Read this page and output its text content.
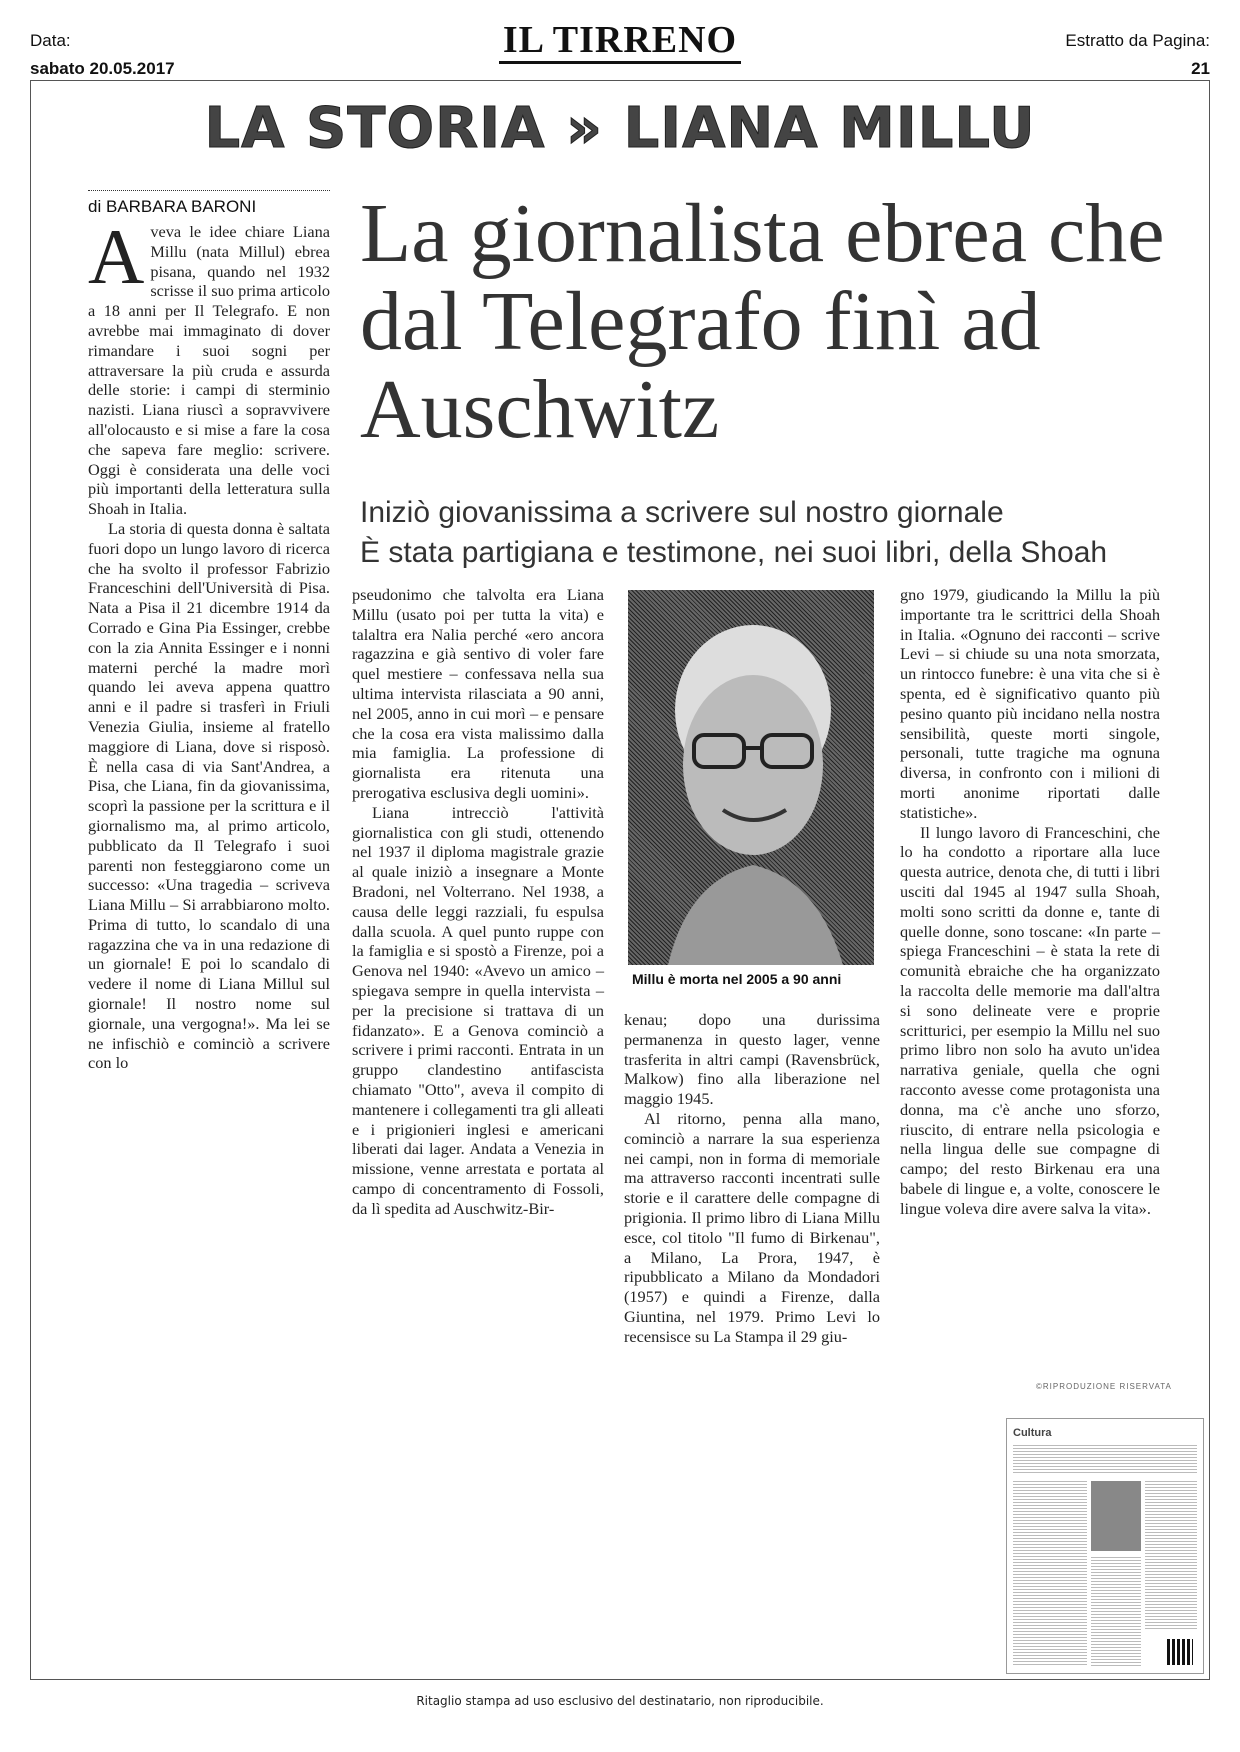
Data:
sabato 20.05.2017
IL TIRRENO	Estratto da Pagina:
21
LA STORIA » LIANA MILLU
di BARBARA BARONI	La giornalista ebrea che dal Telegrafo finì ad Auschwitz
Iniziò giovanissima a scrivere sul nostro giornale
È stata partigiana e testimone, nei suoi libri, della Shoah

Aveva le idee chiare Liana Millu (nata Millul) ebrea pisana, quando nel 1932 scrisse il suo prima articolo a 18 anni per Il Telegrafo. E non avrebbe mai immaginato di dover rimandare i suoi sogni per attraversare la più cruda e assurda delle storie: i campi di sterminio nazisti. Liana riuscì a sopravvivere all'olocausto e si mise a fare la cosa che sapeva fare meglio: scrivere. Oggi è considerata una delle voci più importanti della letteratura sulla Shoah in Italia.

La storia di questa donna è saltata fuori dopo un lungo lavoro di ricerca che ha svolto il professor Fabrizio Franceschini dell'Università di Pisa. Nata a Pisa il 21 dicembre 1914 da Corrado e Gina Pia Essinger, crebbe con la zia Annita Essinger e i nonni materni perché la madre morì quando lei aveva appena quattro anni e il padre si trasferì in Friuli Venezia Giulia, insieme al fratello maggiore di Liana, dove si risposò. È nella casa di via Sant'Andrea, a Pisa, che Liana, fin da giovanissima, scoprì la passione per la scrittura e il giornalismo ma, al primo articolo, pubblicato da Il Telegrafo i suoi parenti non festeggiarono come un successo: «Una tragedia – scriveva Liana Millu – Si arrabbiarono molto. Prima di tutto, lo scandalo di una ragazzina che va in una redazione di un giornale! E poi lo scandalo di vedere il nome di Liana Millul sul giornale! Il nostro nome sul giornale, una vergogna!». Ma lei se ne infischiò e cominciò a scrivere con lo

pseudonimo che talvolta era Liana Millu (usato poi per tutta la vita) e talaltra era Nalia perché «ero ancora ragazzina e già sentivo di voler fare quel mestiere – confessava nella sua ultima intervista rilasciata a 90 anni, nel 2005, anno in cui morì – e pensare che la cosa era vista malissimo dalla mia famiglia. La professione di giornalista era ritenuta una prerogativa esclusiva degli uomini».

Liana intrecciò l'attività giornalistica con gli studi, ottenendo nel 1937 il diploma magistrale grazie al quale iniziò a insegnare a Monte Bradoni, nel Volterrano. Nel 1938, a causa delle leggi razziali, fu espulsa dalla scuola. A quel punto ruppe con la famiglia e si spostò a Firenze, poi a Genova nel 1940: «Avevo un amico – spiegava sempre in quella intervista – per la precisione si trattava di un fidanzato». E a Genova cominciò a scrivere i primi racconti. Entrata in un gruppo clandestino antifascista chiamato "Otto", aveva il compito di mantenere i collegamenti tra gli alleati e i prigionieri inglesi e americani liberati dai lager. Andata a Venezia in missione, venne arrestata e portata al campo di concentramento di Fossoli, da lì spedita ad Auschwitz-Bir-

Millu è morta nel 2005 a 90 anni

kenau; dopo una durissima permanenza in questo lager, venne trasferita in altri campi (Ravensbrück, Malkow) fino alla liberazione nel maggio 1945.

Al ritorno, penna alla mano, cominciò a narrare la sua esperienza nei campi, non in forma di memoriale ma attraverso racconti incentrati sulle storie e il carattere delle compagne di prigionia. Il primo libro di Liana Millu esce, col titolo "Il fumo di Birkenau", a Milano, La Prora, 1947, è ripubblicato a Milano da Mondadori (1957) e quindi a Firenze, dalla Giuntina, nel 1979. Primo Levi lo recensisce su La Stampa il 29 giu-

gno 1979, giudicando la Millu la più importante tra le scrittrici della Shoah in Italia. «Ognuno dei racconti – scrive Levi – si chiude su una nota smorzata, un rintocco funebre: è una vita che si è spenta, ed è significativo quanto più pesino quanto più incidano nella nostra sensibilità, queste morti singole, personali, tutte tragiche ma ognuna diversa, in confronto con i milioni di morti anonime riportati dalle statistiche».

Il lungo lavoro di Franceschini, che lo ha condotto a riportare alla luce questa autrice, denota che, di tutti i libri usciti dal 1945 al 1947 sulla Shoah, molti sono scritti da donne e, tante di quelle donne, sono toscane: «In parte – spiega Franceschini – è stata la rete di comunità ebraiche che ha organizzato la raccolta delle memorie ma dall'altra si sono delineate vere e proprie scritturici, per esempio la Millu nel suo primo libro non solo ha avuto un'idea narrativa geniale, quella che ogni racconto avesse come protagonista una donna, ma c'è anche uno sforzo, riuscito, di entrare nella psicologia e nella lingua delle sue compagne di campo; del resto Birkenau era una babele di lingue e, a volte, conoscere le lingue voleva dire avere salva la vita».

©RIPRODUZIONE RISERVATA
Cultura
Ritaglio stampa ad uso esclusivo del destinatario, non riproducibile.
